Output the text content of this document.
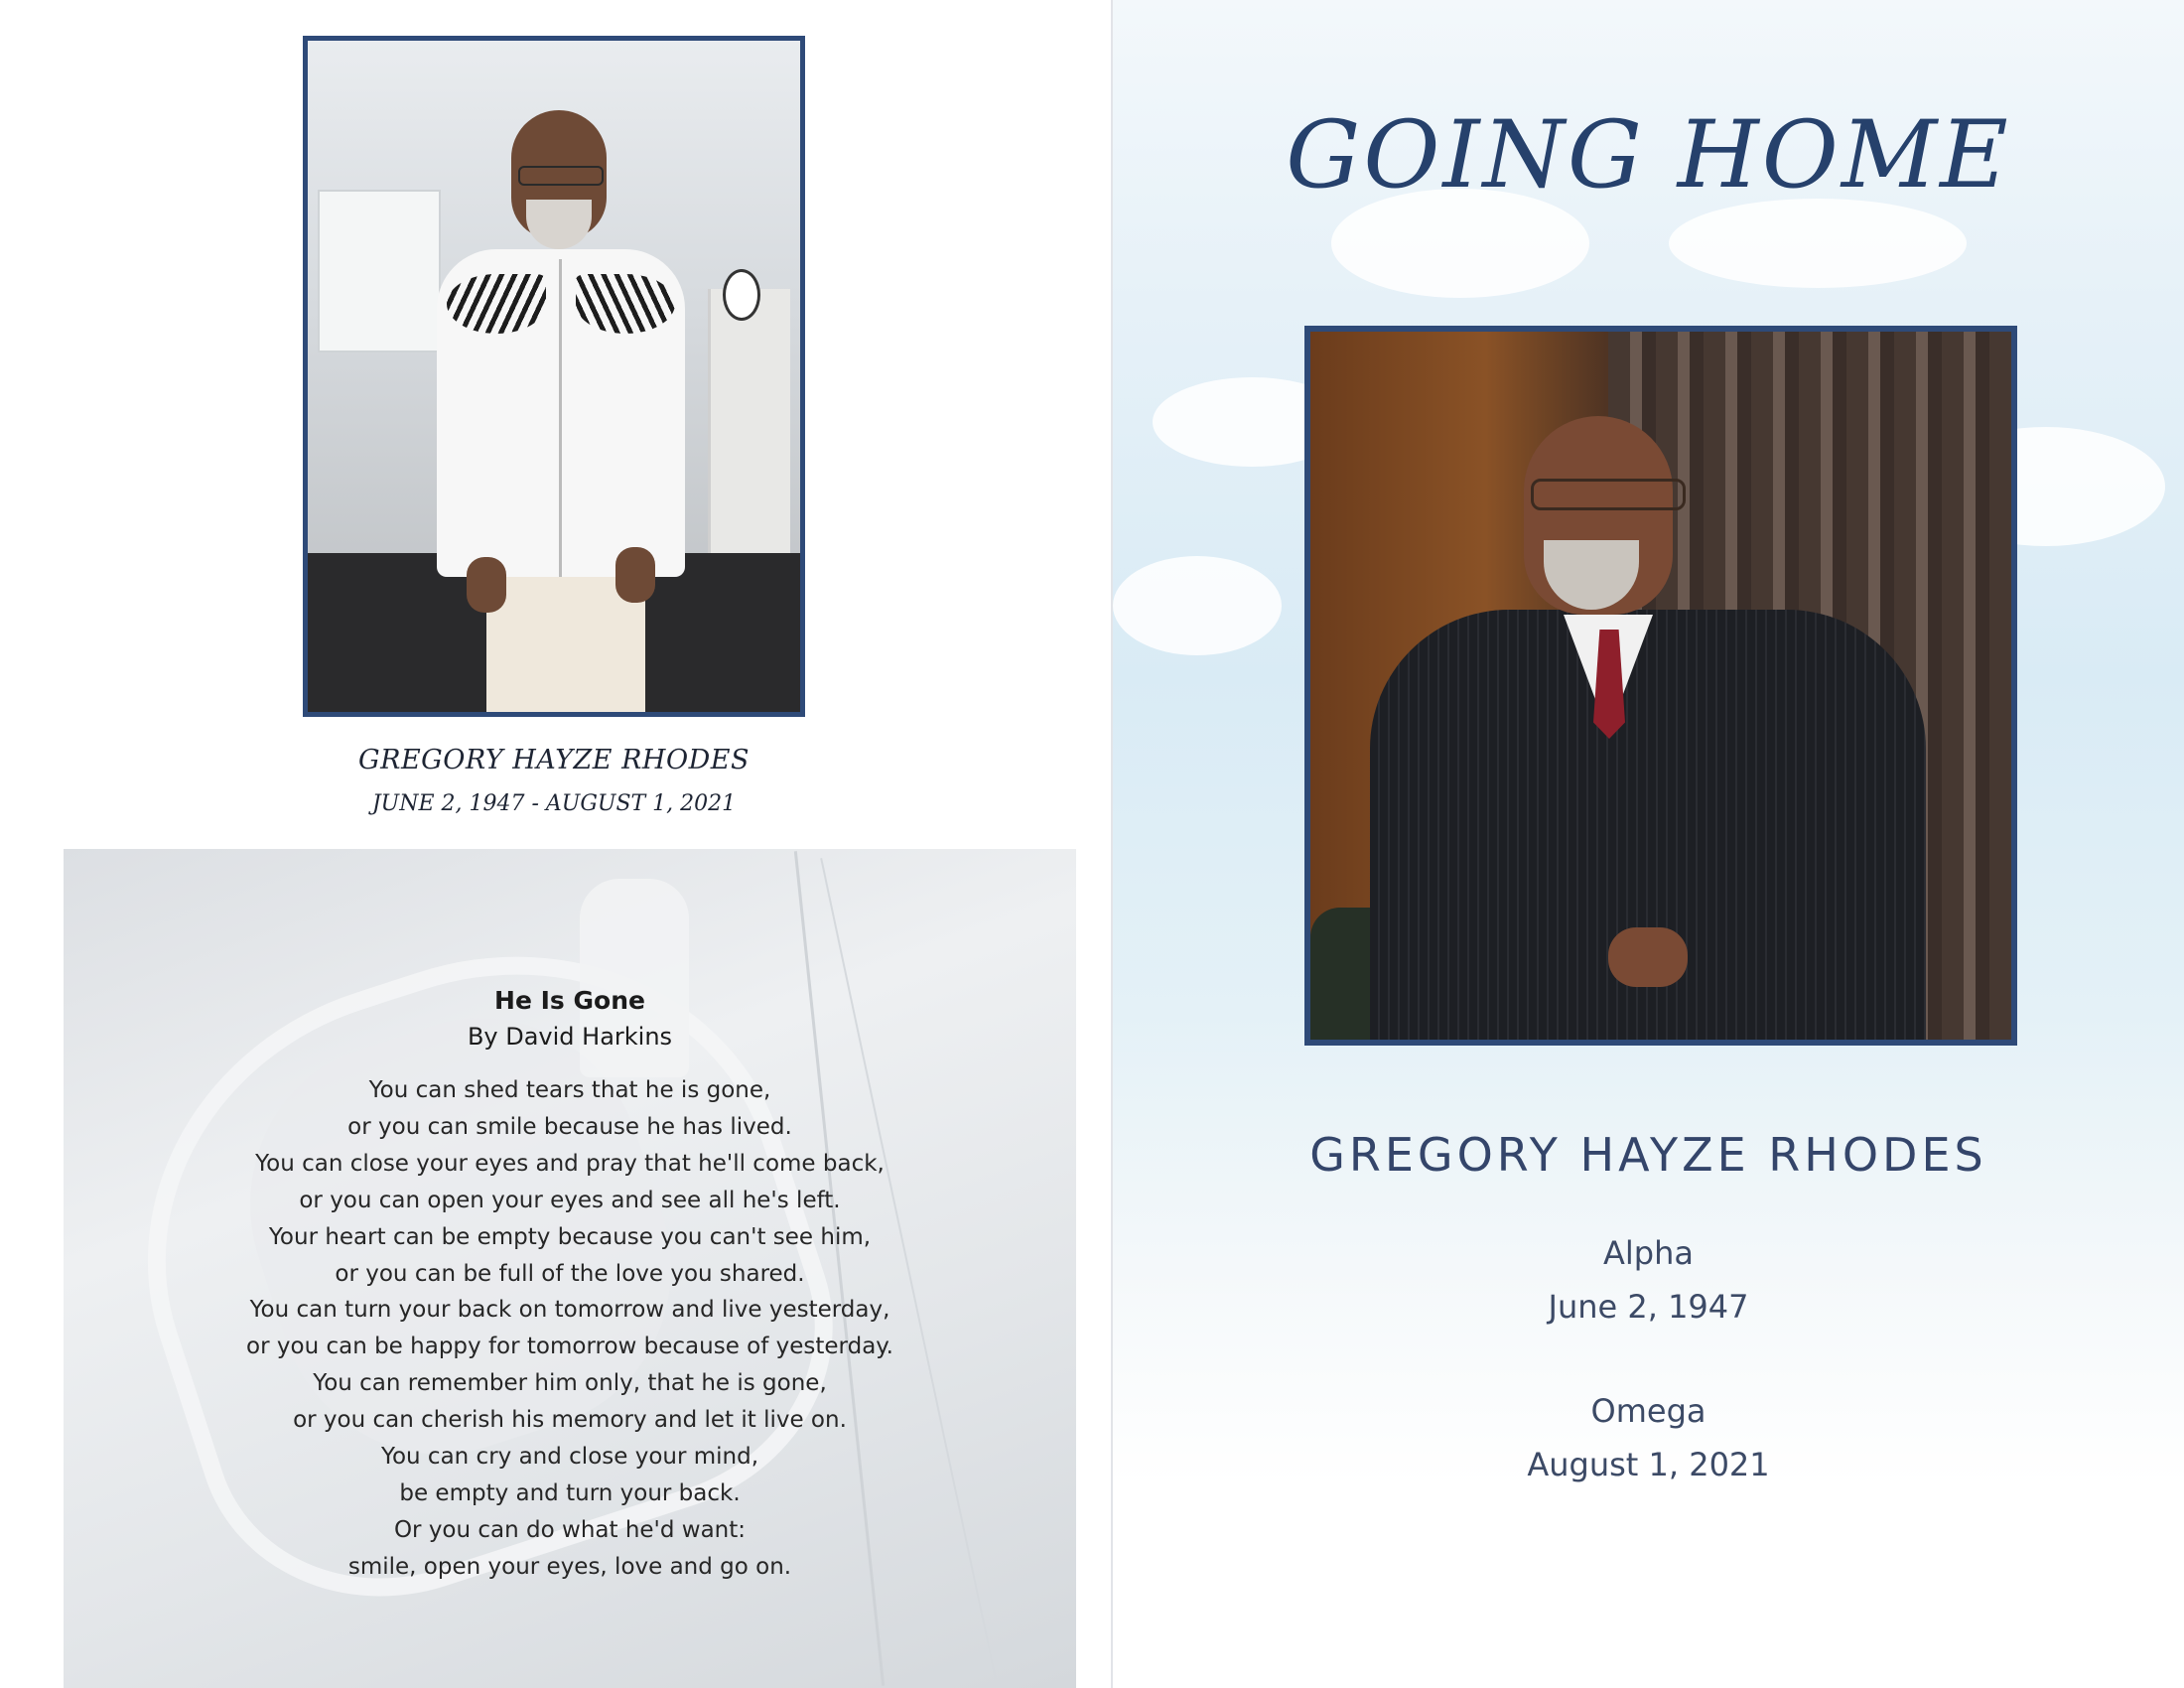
GREGORY HAYZE RHODES
JUNE 2, 1947 - AUGUST 1, 2021
He Is Gone
By David Harkins
You can shed tears that he is gone,
or you can smile because he has lived.
You can close your eyes and pray that he'll come back,
or you can open your eyes and see all he's left.
Your heart can be empty because you can't see him,
or you can be full of the love you shared.
You can turn your back on tomorrow and live yesterday,
or you can be happy for tomorrow because of yesterday.
You can remember him only, that he is gone,
or you can cherish his memory and let it live on.
You can cry and close your mind,
be empty and turn your back.
Or you can do what he'd want:
smile, open your eyes, love and go on.
GOING HOME
GREGORY HAYZE RHODES
Alpha
June 2, 1947
Omega
August 1, 2021
